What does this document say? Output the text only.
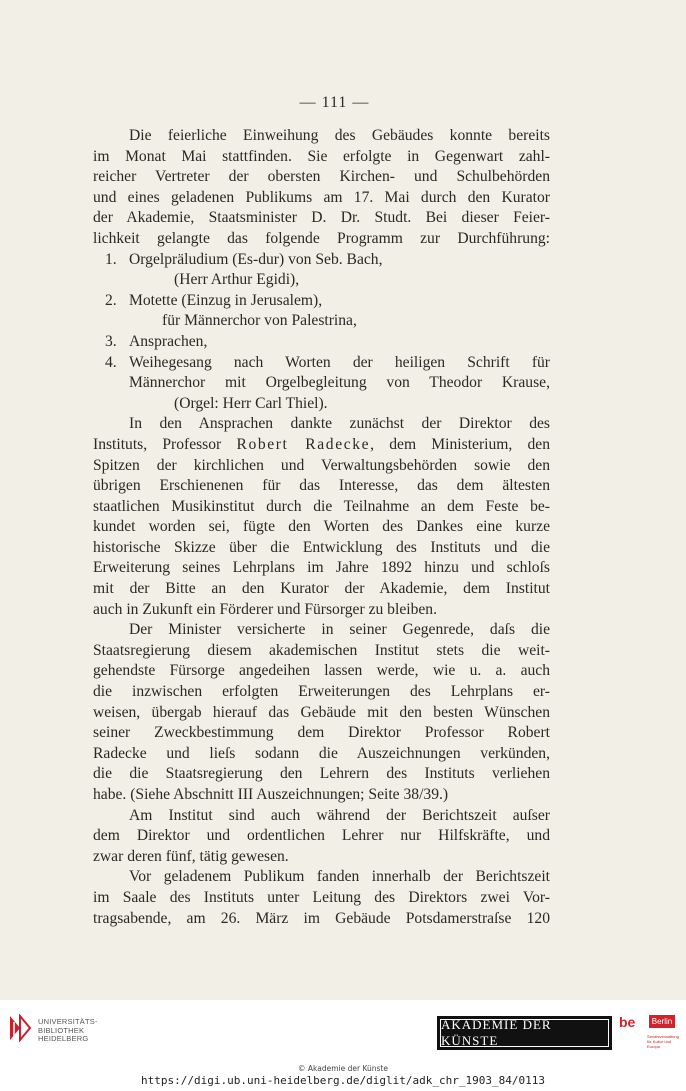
— 111 —
Die feierliche Einweihung des Gebäudes konnte bereits
im Monat Mai stattfinden. Sie erfolgte in Gegenwart zahl-
reicher Vertreter der obersten Kirchen- und Schulbehörden
und eines geladenen Publikums am 17. Mai durch den Kurator
der Akademie, Staatsminister D. Dr. Studt. Bei dieser Feier-
lichkeit gelangte das folgende Programm zur Durchführung:
1. Orgelpräludium (Es-dur) von Seb. Bach,
(Herr Arthur Egidi),
2. Motette (Einzug in Jerusalem),
für Männerchor von Palestrina,
3. Ansprachen,
4. Weihegesang nach Worten der heiligen Schrift für
Männerchor mit Orgelbegleitung von Theodor Krause,
(Orgel: Herr Carl Thiel).
In den Ansprachen dankte zunächst der Direktor des
Instituts, Professor Robert Radecke, dem Ministerium, den
Spitzen der kirchlichen und Verwaltungsbehörden sowie den
übrigen Erschienenen für das Interesse, das dem ältesten
staatlichen Musikinstitut durch die Teilnahme an dem Feste be-
kundet worden sei, fügte den Worten des Dankes eine kurze
historische Skizze über die Entwicklung des Instituts und die
Erweiterung seines Lehrplans im Jahre 1892 hinzu und schloſs
mit der Bitte an den Kurator der Akademie, dem Institut
auch in Zukunft ein Förderer und Fürsorger zu bleiben.
Der Minister versicherte in seiner Gegenrede, daſs die
Staatsregierung diesem akademischen Institut stets die weit-
gehendste Fürsorge angedeihen lassen werde, wie u. a. auch
die inzwischen erfolgten Erweiterungen des Lehrplans er-
weisen, übergab hierauf das Gebäude mit den besten Wünschen
seiner Zweckbestimmung dem Direktor Professor Robert
Radecke und lieſs sodann die Auszeichnungen verkünden,
die die Staatsregierung den Lehrern des Instituts verliehen
habe. (Siehe Abschnitt III Auszeichnungen; Seite 38/39.)
Am Institut sind auch während der Berichtszeit auſser
dem Direktor und ordentlichen Lehrer nur Hilfskräfte, und
zwar deren fünf, tätig gewesen.
Vor geladenem Publikum fanden innerhalb der Berichtszeit
im Saale des Instituts unter Leitung des Direktors zwei Vor-
tragsabende, am 26. März im Gebäude Potsdamerstraſse 120
UNIVERSITÄTS-
BIBLIOTHEK
HEIDELBERG
AKADEMIE DER KÜNSTE
be	Berlin
Senatsverwaltung für Kultur und Europa
© Akademie der Künste
https://digi.ub.uni-heidelberg.de/diglit/adk_chr_1903_84/0113
